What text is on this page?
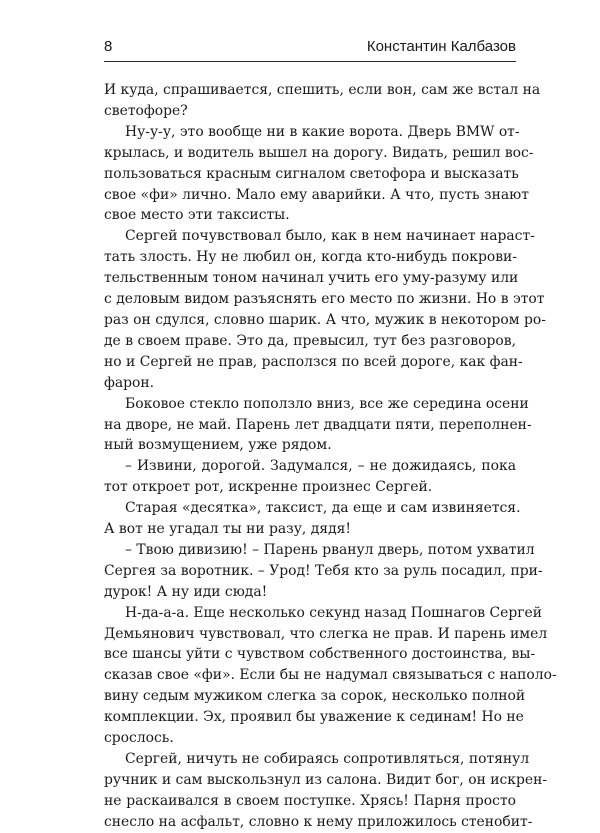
8	Константин Калбазов
И куда, спрашивается, спешить, если вон, сам же встал на
светофоре?
Ну-у-у, это вообще ни в какие ворота. Дверь BMW от-
крылась, и водитель вышел на дорогу. Видать, решил вос-
пользоваться красным сигналом светофора и высказать
свое «фи» лично. Мало ему аварийки. А что, пусть знают
свое место эти таксисты.
Сергей почувствовал было, как в нем начинает нараст-
тать злость. Ну не любил он, когда кто-нибудь покрови-
тельственным тоном начинал учить его уму-разуму или
с деловым видом разъяснять его место по жизни. Но в этот
раз он сдулся, словно шарик. А что, мужик в некотором ро-
де в своем праве. Это да, превысил, тут без разговоров,
но и Сергей не прав, расползся по всей дороге, как фан-
фарон.
Боковое стекло поползло вниз, все же середина осени
на дворе, не май. Парень лет двадцати пяти, переполнен-
ный возмущением, уже рядом.
– Извини, дорогой. Задумался, – не дожидаясь, пока
тот откроет рот, искренне произнес Сергей.
Старая «десятка», таксист, да еще и сам извиняется.
А вот не угадал ты ни разу, дядя!
– Твою дивизию! – Парень рванул дверь, потом ухватил
Сергея за воротник. – Урод! Тебя кто за руль посадил, при-
дурок! А ну иди сюда!
Н-да-а-а. Еще несколько секунд назад Пошнагов Сергей
Демьянович чувствовал, что слегка не прав. И парень имел
все шансы уйти с чувством собственного достоинства, вы-
сказав свое «фи». Если бы не надумал связываться с наполо-
вину седым мужиком слегка за сорок, несколько полной
комплекции. Эх, проявил бы уважение к сединам! Но не
срослось.
Сергей, ничуть не собираясь сопротивляться, потянул
ручник и сам выскользнул из салона. Видит бог, он искрен-
не раскаивался в своем поступке. Хрясь! Парня просто
снесло на асфальт, словно к нему приложилось стенобит-
